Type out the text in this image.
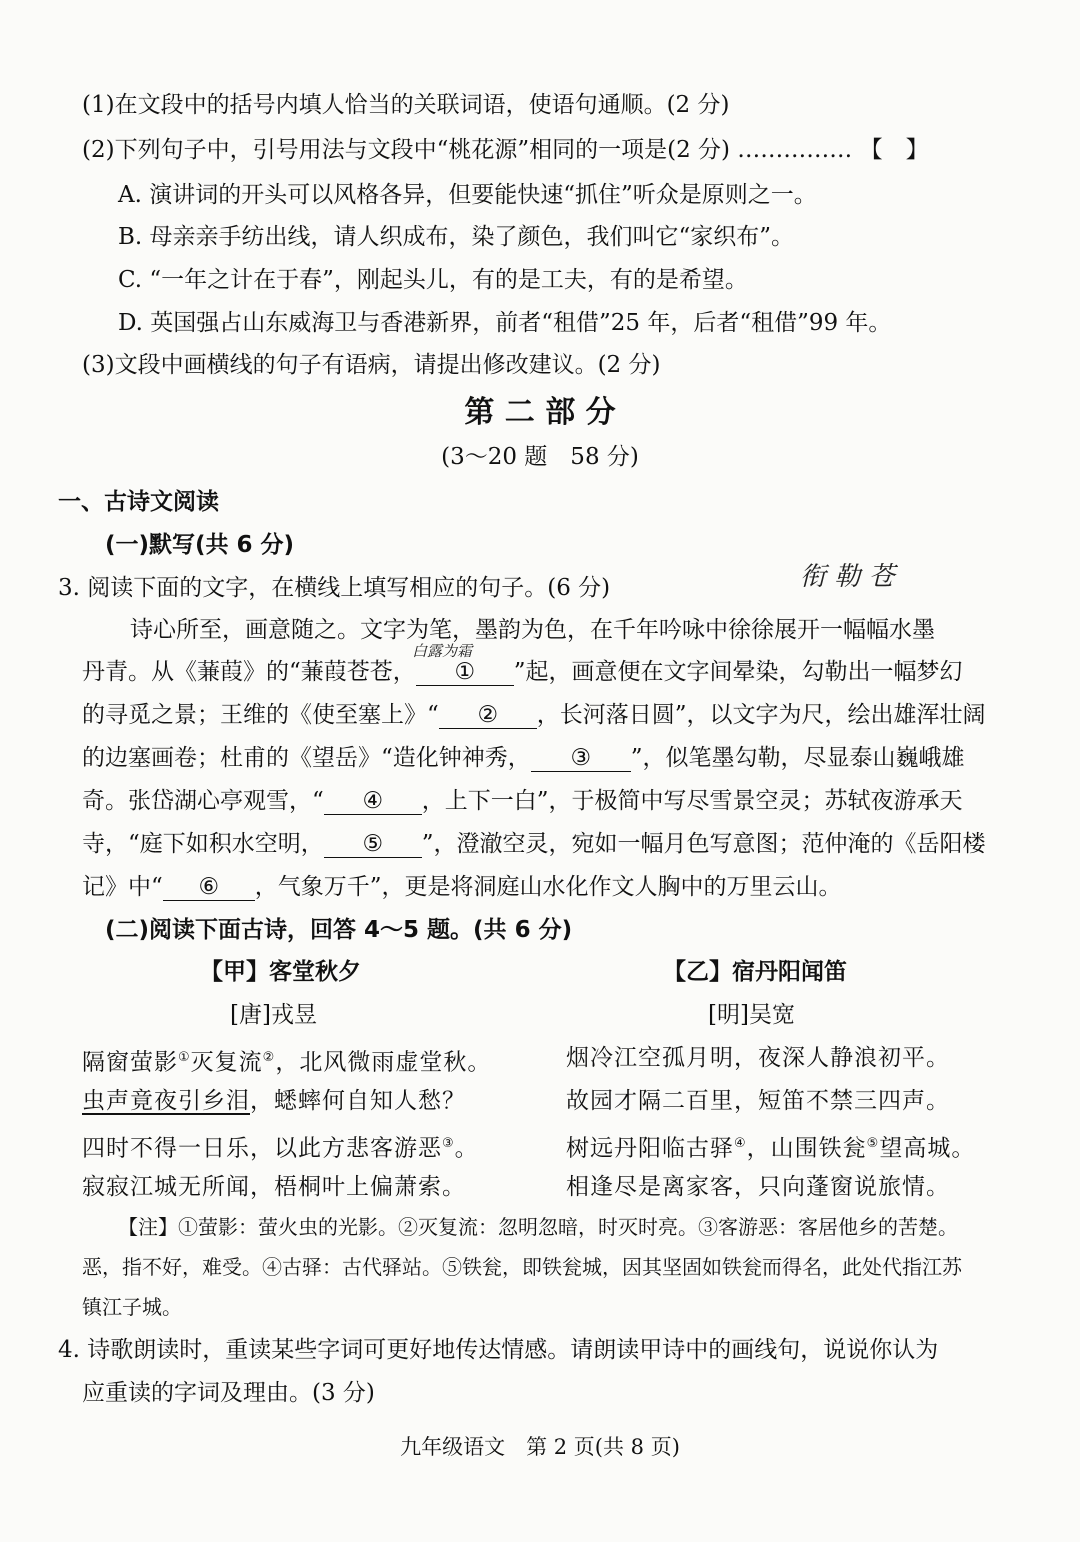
(1)在文段中的括号内填人恰当的关联词语，使语句通顺。(2 分)
(2)下列句子中，引号用法与文段中“桃花源”相同的一项是(2 分) …………… 【　】
A. 演讲词的开头可以风格各异，但要能快速“抓住”听众是原则之一。
B. 母亲亲手纺出线，请人织成布，染了颜色，我们叫它“家织布”。
C. “一年之计在于春”，刚起头儿，有的是工夫，有的是希望。
D. 英国强占山东威海卫与香港新界，前者“租借”25 年，后者“租借”99 年。
(3)文段中画横线的句子有语病，请提出修改建议。(2 分)
第 二 部 分
(3～20 题　58 分)
一、古诗文阅读
(一)默写(共 6 分)
3. 阅读下面的文字，在横线上填写相应的句子。(6 分)	衔 勒 苍
白露为霜
诗心所至，画意随之。文字为笔，墨韵为色，在千年吟咏中徐徐展开一幅幅水墨
丹青。从《蒹葭》的“蒹葭苍苍， ① ”起，画意便在文字间晕染，勾勒出一幅梦幻
的寻觅之景；王维的《使至塞上》“ ② ，长河落日圆”，以文字为尺，绘出雄浑壮阔
的边塞画卷；杜甫的《望岳》“造化钟神秀， ③ ”，似笔墨勾勒，尽显泰山巍峨雄
奇。张岱湖心亭观雪，“ ④ ，上下一白”，于极简中写尽雪景空灵；苏轼夜游承天
寺，“庭下如积水空明， ⑤ ”，澄澈空灵，宛如一幅月色写意图；范仲淹的《岳阳楼
记》中“ ⑥ ，气象万千”，更是将洞庭山水化作文人胸中的万里云山。
(二)阅读下面古诗，回答 4～5 题。(共 6 分)
【甲】客堂秋夕
[唐]戎昱
隔窗萤影①灭复流②，北风微雨虚堂秋。
虫声竟夜引乡泪，蟋蟀何自知人愁？
四时不得一日乐，以此方悲客游恶③。
寂寂江城无所闻，梧桐叶上偏萧索。
【乙】宿丹阳闻笛
[明]吴宽
烟冷江空孤月明，夜深人静浪初平。
故园才隔二百里，短笛不禁三四声。
树远丹阳临古驿④，山围铁瓮⑤望高城。
相逢尽是离家客，只向蓬窗说旅情。
【注】①萤影：萤火虫的光影。②灭复流：忽明忽暗，时灭时亮。③客游恶：客居他乡的苦楚。
恶，指不好，难受。④古驿：古代驿站。⑤铁瓮，即铁瓮城，因其坚固如铁瓮而得名，此处代指江苏
镇江子城。
4. 诗歌朗读时，重读某些字词可更好地传达情感。请朗读甲诗中的画线句，说说你认为
应重读的字词及理由。(3 分)
九年级语文　第 2 页(共 8 页)
